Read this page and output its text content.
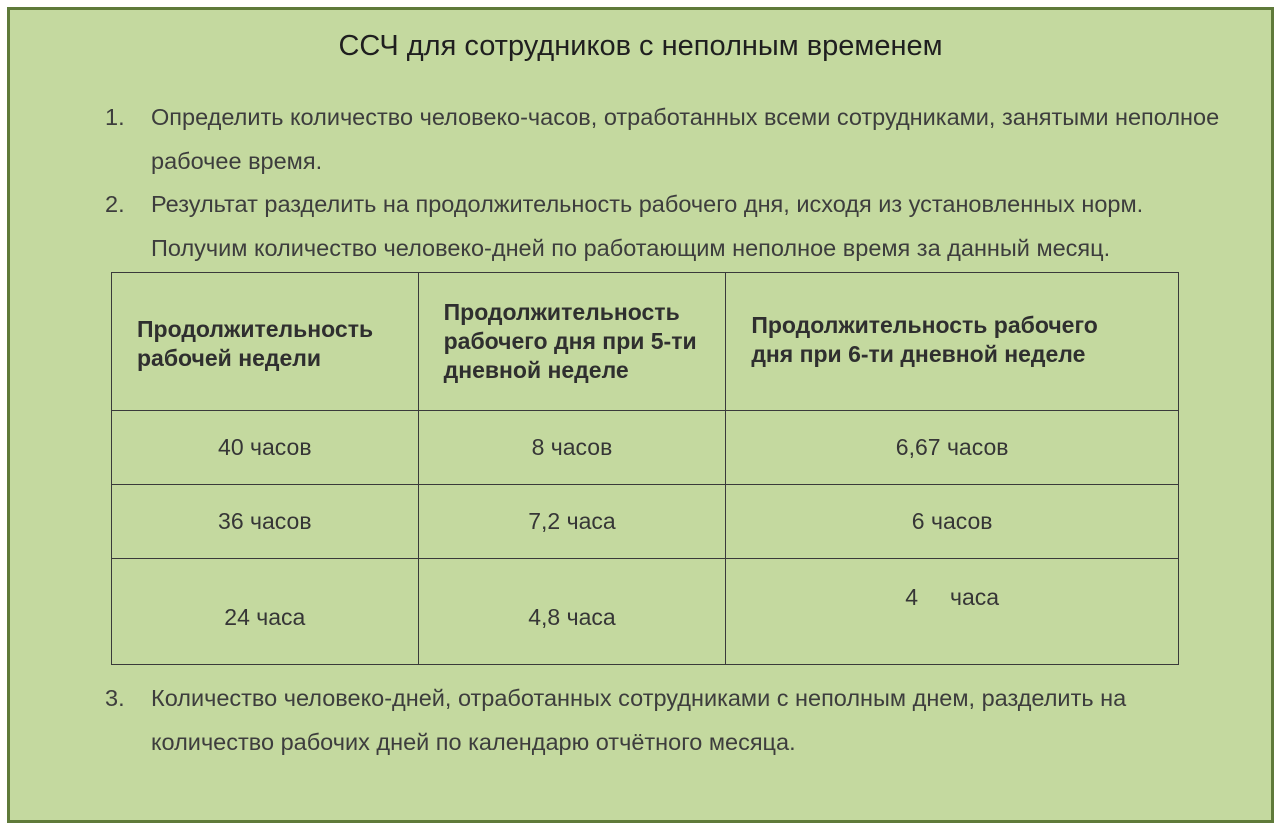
ССЧ для сотрудников с неполным временем
1. Определить количество человеко-часов, отработанных всеми сотрудниками, занятыми неполное рабочее время.
2. Результат разделить на продолжительность рабочего дня, исходя из установленных норм. Получим количество человеко-дней по работающим неполное время за данный месяц.
Продолжительность рабочей недели	Продолжительность рабочего дня при 5-ти дневной неделе	Продолжительность рабочего дня при 6-ти дневной неделе

40 часов	8 часов	6,67 часов
36 часов	7,2 часа	6 часов
24 часа	4,8 часа	4     часа
3. Количество человеко-дней, отработанных сотрудниками с неполным днем, разделить на количество рабочих дней по календарю отчётного месяца.
